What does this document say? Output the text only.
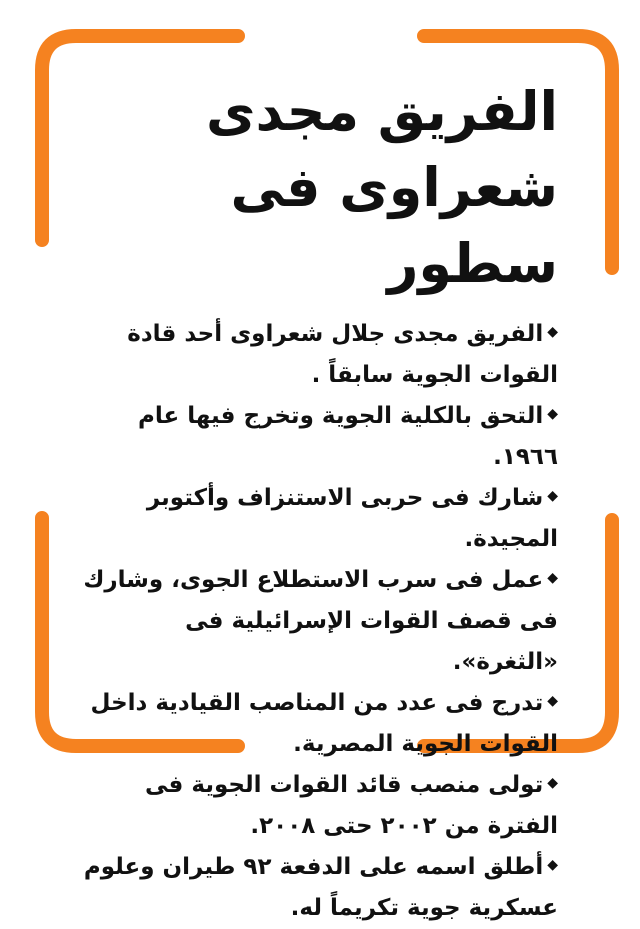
الفريق مجدى
شعراوى فى سطور
◆الفريق مجدى جلال شعراوى أحد قادة القوات الجوية سابقاً .
◆التحق بالكلية الجوية وتخرج فيها عام ١٩٦٦.
◆شارك فى حربى الاستنزاف وأكتوبر المجيدة.
◆عمل فى سرب الاستطلاع الجوى، وشارك فى قصف القوات الإسرائيلية فى «الثغرة».
◆تدرج فى عدد من المناصب القيادية داخل القوات الجوية المصرية.
◆تولى منصب قائد القوات الجوية فى الفترة من ٢٠٠٢ حتى ٢٠٠٨.
◆أطلق اسمه على الدفعة ٩٢ طيران وعلوم عسكرية جوية تكريماً له.
